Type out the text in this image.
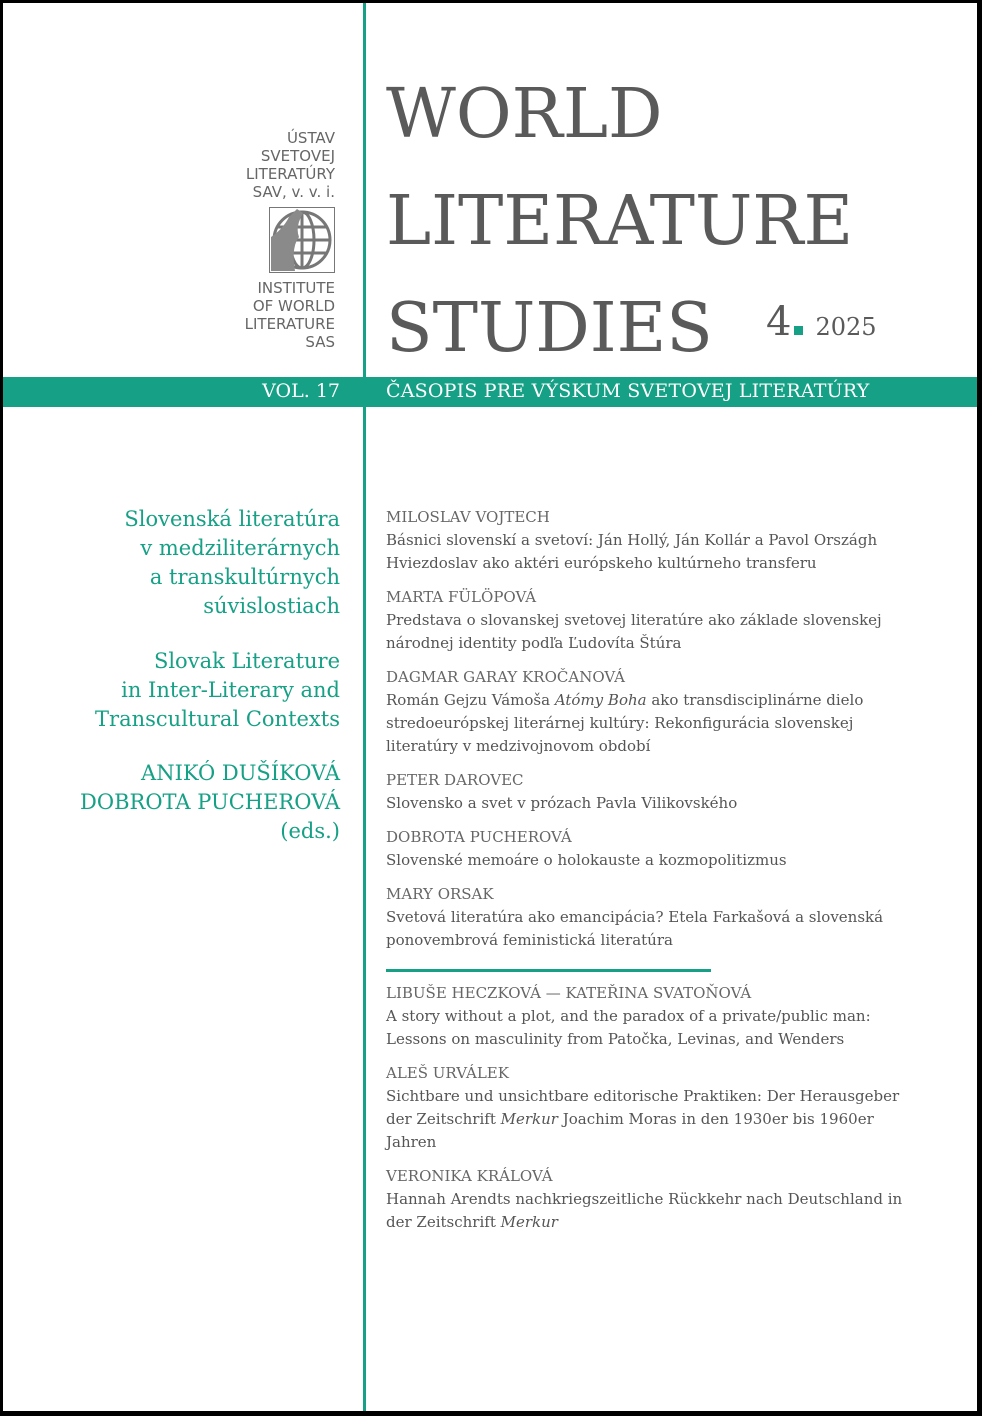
ÚSTAV
SVETOVEJ
LITERATÚRY
SAV, v. v. i.
INSTITUTE
OF WORLD
LITERATURE
SAS
WORLD
LITERATURE
STUDIES	4 2025
VOL. 17 ČASOPIS PRE VÝSKUM SVETOVEJ LITERATÚRY
Slovenská literatúra
v medziliterárnych
a transkultúrnych
súvislostiach
Slovak Literature
in Inter-Literary and
Transcultural Contexts
ANIKÓ DUŠÍKOVÁ
DOBROTA PUCHEROVÁ
(eds.)
MILOSLAV VOJTECH
Básnici slovenskí a svetoví: Ján Hollý, Ján Kollár a Pavol Országh Hviezdoslav ako aktéri európskeho kultúrneho transferu
MARTA FÜLÖPOVÁ
Predstava o slovanskej svetovej literatúre ako základe slovenskej národnej identity podľa Ľudovíta Štúra
DAGMAR GARAY KROČANOVÁ
Román Gejzu Vámoša Atómy Boha ako transdisciplinárne dielo stredoeurópskej literárnej kultúry: Rekonfigurácia slovenskej literatúry v medzivojnovom období
PETER DAROVEC
Slovensko a svet v prózach Pavla Vilikovského
DOBROTA PUCHEROVÁ
Slovenské memoáre o holokauste a kozmopolitizmus
MARY ORSAK
Svetová literatúra ako emancipácia? Etela Farkašová a slovenská ponovembrová feministická literatúra
LIBUŠE HECZKOVÁ — KATEŘINA SVATOŇOVÁ
A story without a plot, and the paradox of a private/public man: Lessons on masculinity from Patočka, Levinas, and Wenders
ALEŠ URVÁLEK
Sichtbare und unsichtbare editorische Praktiken: Der Herausgeber der Zeitschrift Merkur Joachim Moras in den 1930er bis 1960er Jahren
VERONIKA KRÁLOVÁ
Hannah Arendts nachkriegszeitliche Rückkehr nach Deutschland in der Zeitschrift Merkur
